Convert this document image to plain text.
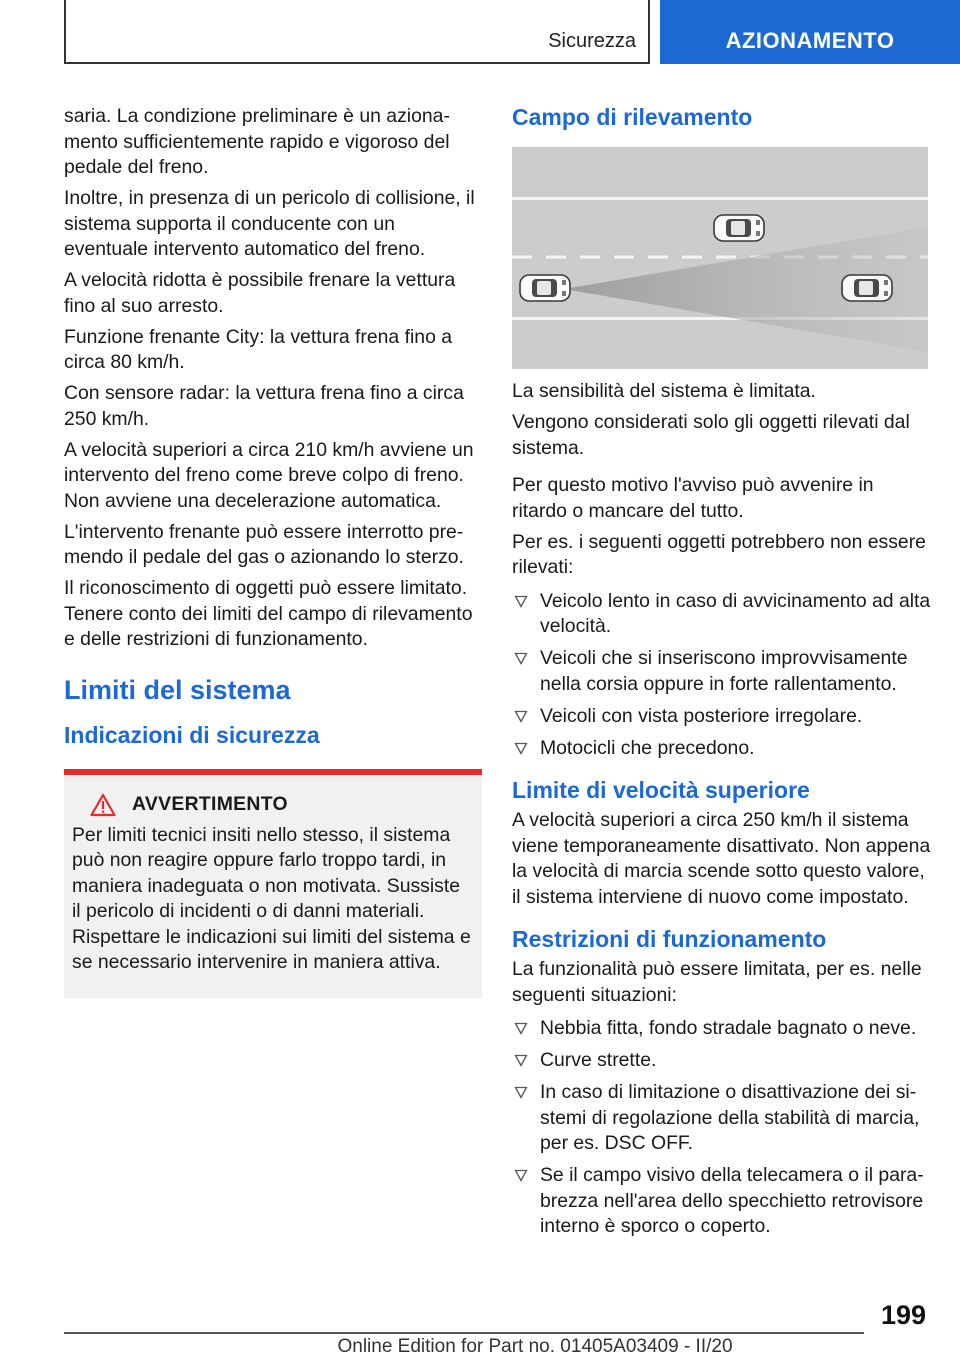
Sicurezza	AZIONAMENTO

saria. La condizione preliminare è un azionamento sufficientemente rapido e vigoroso del pedale del freno.

Inoltre, in presenza di un pericolo di collisione, il sistema supporta il conducente con un eventuale intervento automatico del freno.

A velocità ridotta è possibile frenare la vettura fino al suo arresto.

Funzione frenante City: la vettura frena fino a circa 80 km/h.

Con sensore radar: la vettura frena fino a circa 250 km/h.

A velocità superiori a circa 210 km/h avviene un intervento del freno come breve colpo di freno. Non avviene una decelerazione automatica.

L'intervento frenante può essere interrotto premendo il pedale del gas o azionando lo sterzo.

Il riconoscimento di oggetti può essere limitato. Tenere conto dei limiti del campo di rilevamento e delle restrizioni di funzionamento.

Limiti del sistema
Indicazioni di sicurezza
AVVERTIMENTO

Per limiti tecnici insiti nello stesso, il sistema può non reagire oppure farlo troppo tardi, in maniera inadeguata o non motivata. Sussiste il pericolo di incidenti o di danni materiali. Rispettare le indicazioni sui limiti del sistema e se necessario intervenire in maniera attiva.

Campo di rilevamento

La sensibilità del sistema è limitata.

Vengono considerati solo gli oggetti rilevati dal sistema.

Per questo motivo l'avviso può avvenire in ritardo o mancare del tutto.

Per es. i seguenti oggetti potrebbero non essere rilevati:

Veicolo lento in caso di avvicinamento ad alta velocità.
Veicoli che si inseriscono improvvisamente nella corsia oppure in forte rallentamento.
Veicoli con vista posteriore irregolare.
Motocicli che precedono.
Limite di velocità superiore

A velocità superiori a circa 250 km/h il sistema viene temporaneamente disattivato. Non appena la velocità di marcia scende sotto questo valore, il sistema interviene di nuovo come impostato.

Restrizioni di funzionamento

La funzionalità può essere limitata, per es. nelle seguenti situazioni:

Nebbia fitta, fondo stradale bagnato o neve.
Curve strette.
In caso di limitazione o disattivazione dei sistemi di regolazione della stabilità di marcia, per es. DSC OFF.
Se il campo visivo della telecamera o il parabrezza nell'area dello specchietto retrovisore interno è sporco o coperto.
199
Online Edition for Part no. 01405A03409 - II/20
